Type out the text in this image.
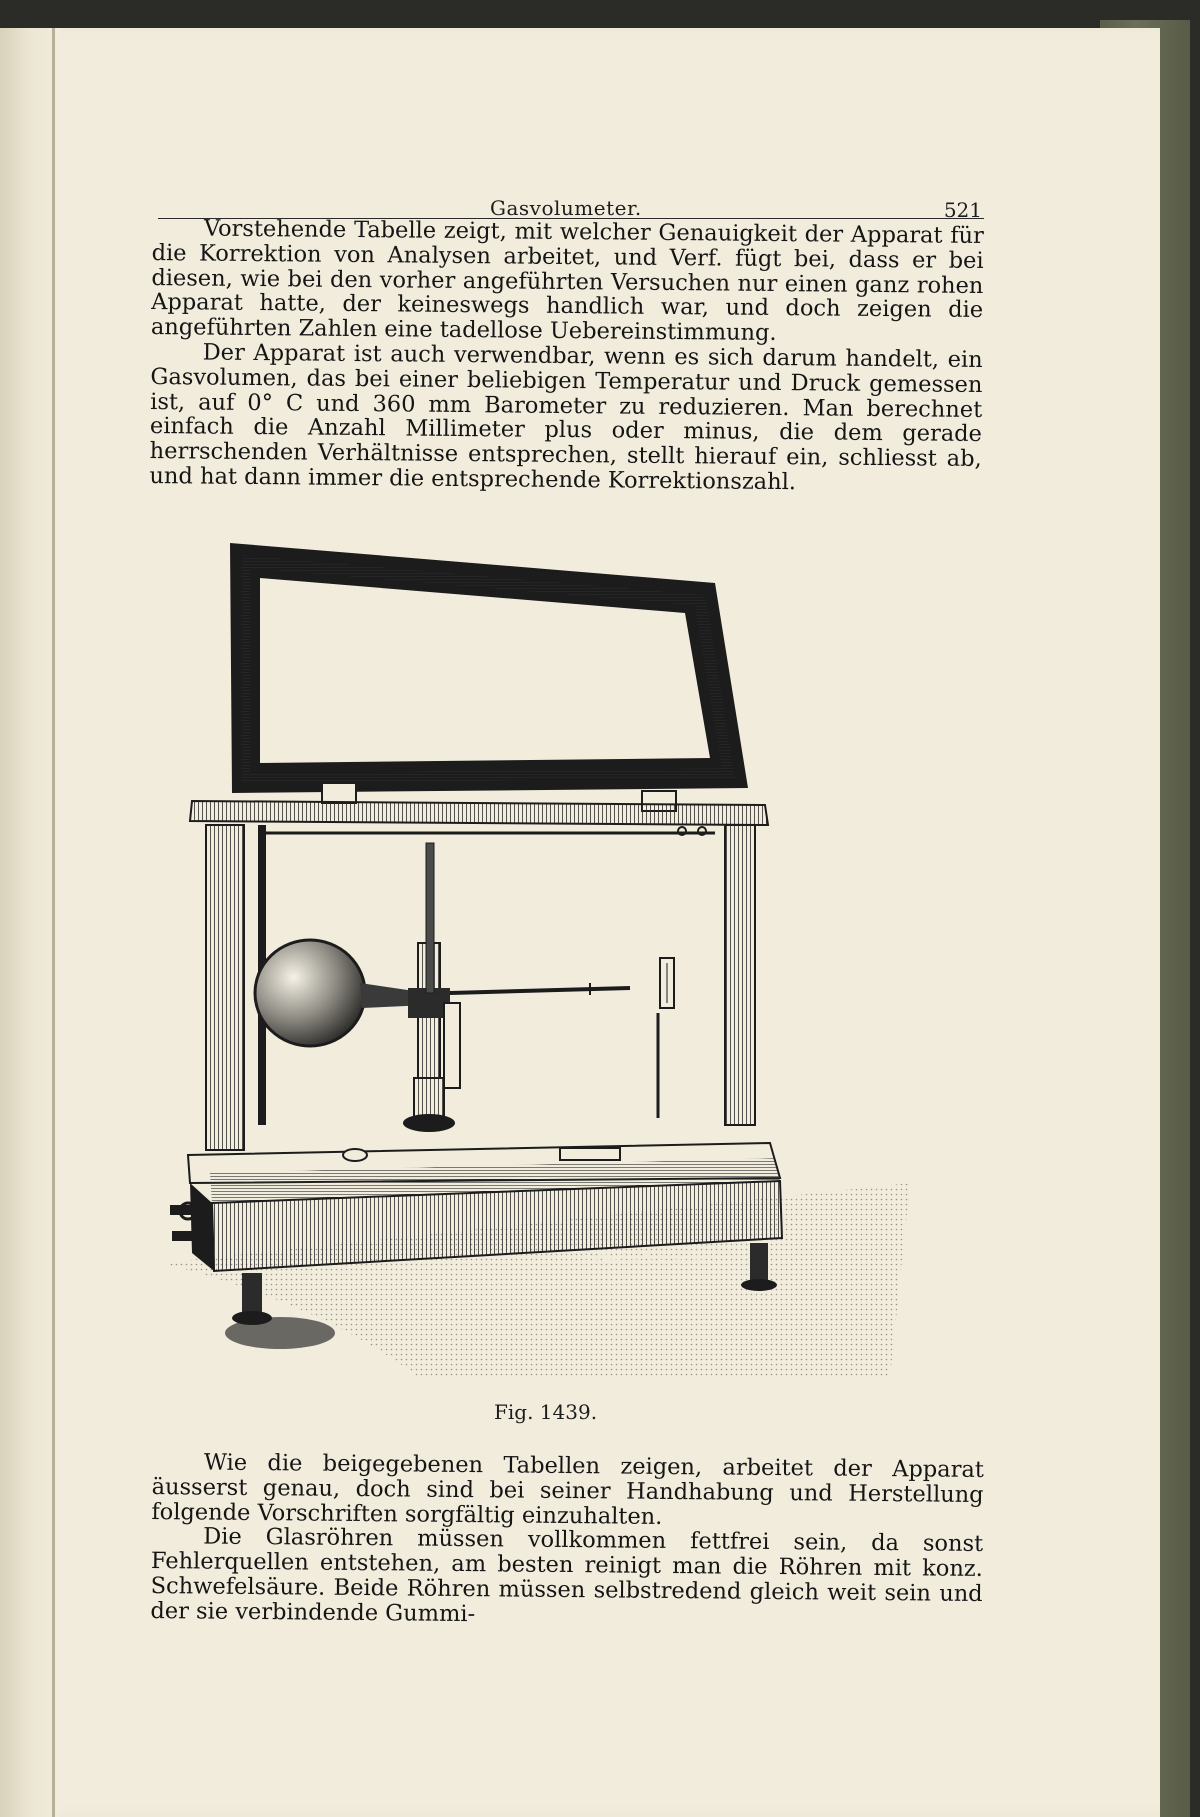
Gasvolumeter.	521

Vorstehende Tabelle zeigt, mit welcher Genauigkeit der Apparat für die Korrektion von Analysen arbeitet, und Verf. fügt bei, dass er bei diesen, wie bei den vorher angeführten Versuchen nur einen ganz rohen Apparat hatte, der keineswegs handlich war, und doch zeigen die angeführten Zahlen eine tadellose Uebereinstimmung.

Der Apparat ist auch verwendbar, wenn es sich darum handelt, ein Gasvolumen, das bei einer beliebigen Temperatur und Druck gemessen ist, auf 0° C und 360 mm Barometer zu reduzieren. Man berechnet einfach die Anzahl Millimeter plus oder minus, die dem gerade herrschenden Verhältnisse entsprechen, stellt hierauf ein, schliesst ab, und hat dann immer die entsprechende Korrektionszahl.

E.ADE X.A.Stuttg.
Fig. 1439.

Wie die beigegebenen Tabellen zeigen, arbeitet der Apparat äusserst genau, doch sind bei seiner Handhabung und Herstellung folgende Vorschriften sorgfältig einzuhalten.

Die Glasröhren müssen vollkommen fettfrei sein, da sonst Fehlerquellen entstehen, am besten reinigt man die Röhren mit konz. Schwefelsäure. Beide Röhren müssen selbstredend gleich weit sein und der sie verbindende Gummi-
